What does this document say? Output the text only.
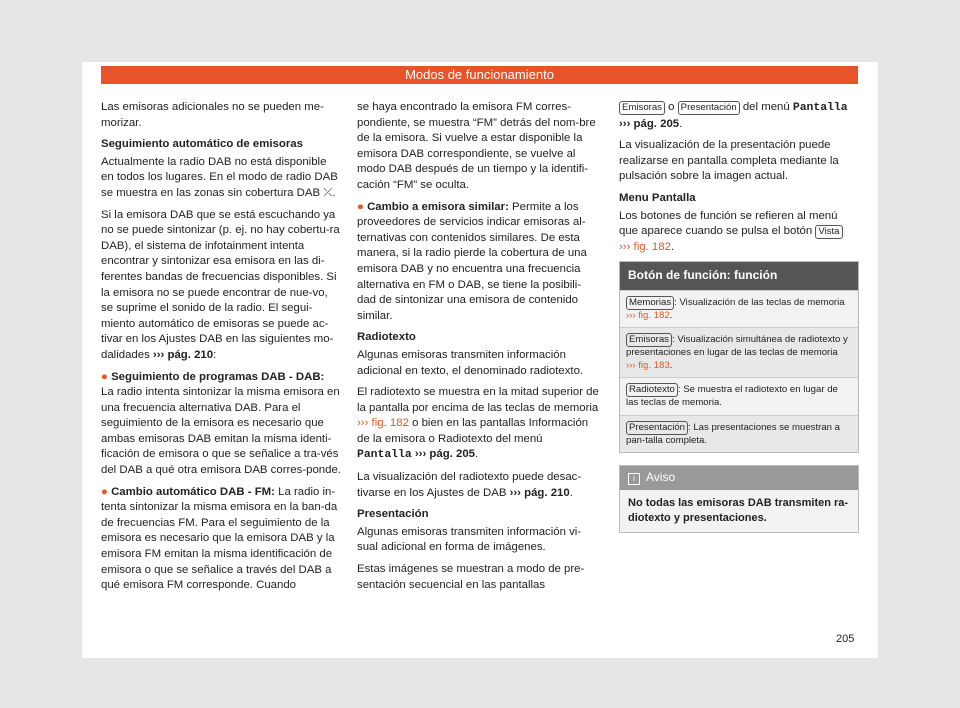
Modos de funcionamiento

Las emisoras adicionales no se pueden me-morizar.

Seguimiento automático de emisoras

Actualmente la radio DAB no está disponible en todos los lugares. En el modo de radio DAB se muestra en las zonas sin cobertura DAB ⤫.

Si la emisora DAB que se está escuchando ya no se puede sintonizar (p. ej. no hay cobertu-ra DAB), el sistema de infotainment intenta encontrar y sintonizar esa emisora en las di-ferentes bandas de frecuencias disponibles. Si la emisora no se puede encontrar de nue-vo, se suprime el sonido de la radio. El segui-miento automático de emisoras se puede ac-tivar en los Ajustes DAB en las siguientes mo-dalidades ››› pág. 210:

● Seguimiento de programas DAB - DAB:
La radio intenta sintonizar la misma emisora en una frecuencia alternativa DAB. Para el seguimiento de la emisora es necesario que ambas emisoras DAB emitan la misma identi-ficación de emisora o que se señalice a tra-vés del DAB a qué otra emisora DAB corres-ponde.

● Cambio automático DAB - FM: La radio in-tenta sintonizar la misma emisora en la ban-da de frecuencias FM. Para el seguimiento de la emisora es necesario que la emisora DAB y la emisora FM emitan la misma identificación de emisora o que se señalice a través del DAB a qué emisora FM corresponde. Cuando

se haya encontrado la emisora FM corres-pondiente, se muestra “FM” detrás del nom-bre de la emisora. Si vuelve a estar disponible la emisora DAB correspondiente, se vuelve al modo DAB después de un tiempo y la identifi-cación “FM” se oculta.

● Cambio a emisora similar: Permite a los proveedores de servicios indicar emisoras al-ternativas con contenidos similares. De esta manera, si la radio pierde la cobertura de una emisora DAB y no encuentra una frecuencia alternativa en FM o DAB, se tiene la posibili-dad de sintonizar una emisora de contenido similar.

Radiotexto

Algunas emisoras transmiten información adicional en texto, el denominado radiotexto.

El radiotexto se muestra en la mitad superior de la pantalla por encima de las teclas de memoria ››› fig. 182 o bien en las pantallas Información de la emisora o Radiotexto del menú Pantalla ››› pág. 205.

La visualización del radiotexto puede desac-tivarse en los Ajustes de DAB ››› pág. 210.

Presentación

Algunas emisoras transmiten información vi-sual adicional en forma de imágenes.

Estas imágenes se muestran a modo de pre-sentación secuencial en las pantallas

Emisoras o Presentación del menú Pantalla
››› pág. 205.

La visualización de la presentación puede realizarse en pantalla completa mediante la pulsación sobre la imagen actual.

Menu Pantalla

Los botones de función se refieren al menú que aparece cuando se pulsa el botón Vista
››› fig. 182.

Botón de función: función
Memorias : Visualización de las teclas de memoria
››› fig. 182.
Emisoras : Visualización simultánea de radiotexto y presentaciones en lugar de las teclas de memoria
››› fig. 183.
Radiotexto : Se muestra el radiotexto en lugar de las teclas de memoria.
Presentación : Las presentaciones se muestran a pan-talla completa.
i Aviso
No todas las emisoras DAB transmiten ra-diotexto y presentaciones.
205
